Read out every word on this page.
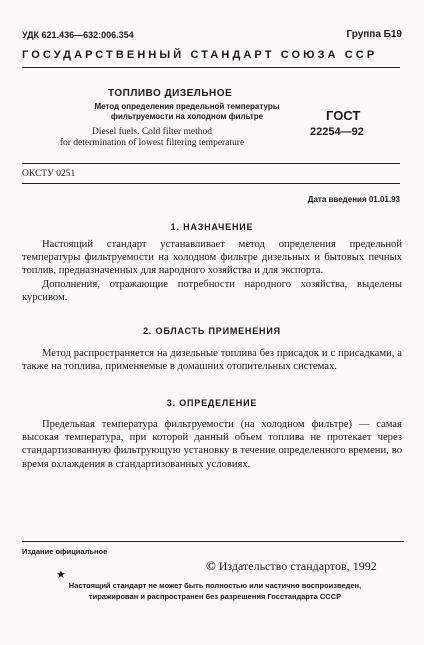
УДК 621.436—632:006.354	Группа Б19
ГОСУДАРСТВЕННЫЙ СТАНДАРТ СОЮЗА ССР
ТОПЛИВО ДИЗЕЛЬНОЕ
Метод определения предельной температуры
фильтруемости на холодном фильтре
Diesel fuels. Cold filter method
for determination of lowest filtering temperature
ГОСТ
22254—92
ОКСТУ 0251
Дата введения 01.01.93
1. НАЗНАЧЕНИЕ

Настоящий стандарт устанавливает метод определения предельной температуры фильтруемости на холодном фильтре дизельных и бытовых печных топлив, предназначенных для народного хозяйства и для экспорта.

Дополнения, отражающие потребности народного хозяйства, выделены курсивом.

2. ОБЛАСТЬ ПРИМЕНЕНИЯ

Метод распространяется на дизельные топлива без присадок и с присадками, а также на топлива, применяемые в домашних отопительных системах.

3. ОПРЕДЕЛЕНИЕ

Предельная температура фильтруемости (на холодном фильтре) — самая высокая температура, при которой данный объем топлива не протекает через стандартизованную фильтрующую установку в течение определенного времени, во время охлаждения в стандартизованных условиях.

Издание официальное
© Издательство стандартов, 1992
★
Настоящий стандарт не может быть полностью или частично воспроизведен,
тиражирован и распространен без разрешения Госстандарта СССР
